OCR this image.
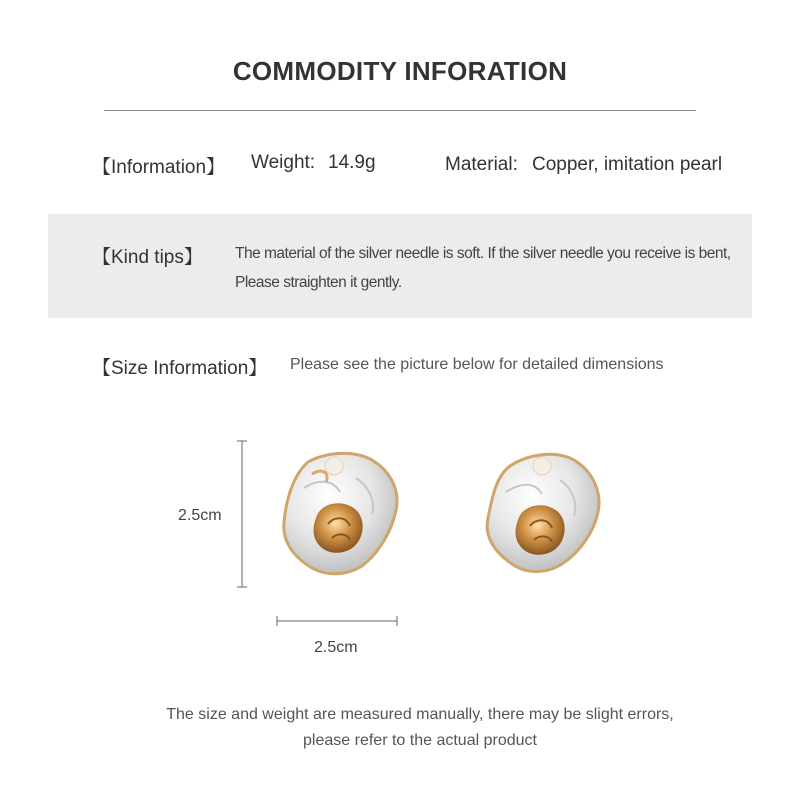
COMMODITY INFORATION
【Information】 Weight: 14.9g	Material: Copper, imitation pearl
【Kind tips】 The material of the silver needle is soft. If the silver needle you receive is bent,
Please straighten it gently.
【Size Information】 Please see the picture below for detailed dimensions
2.5cm
2.5cm
The size and weight are measured manually, there may be slight errors,
please refer to the actual product
